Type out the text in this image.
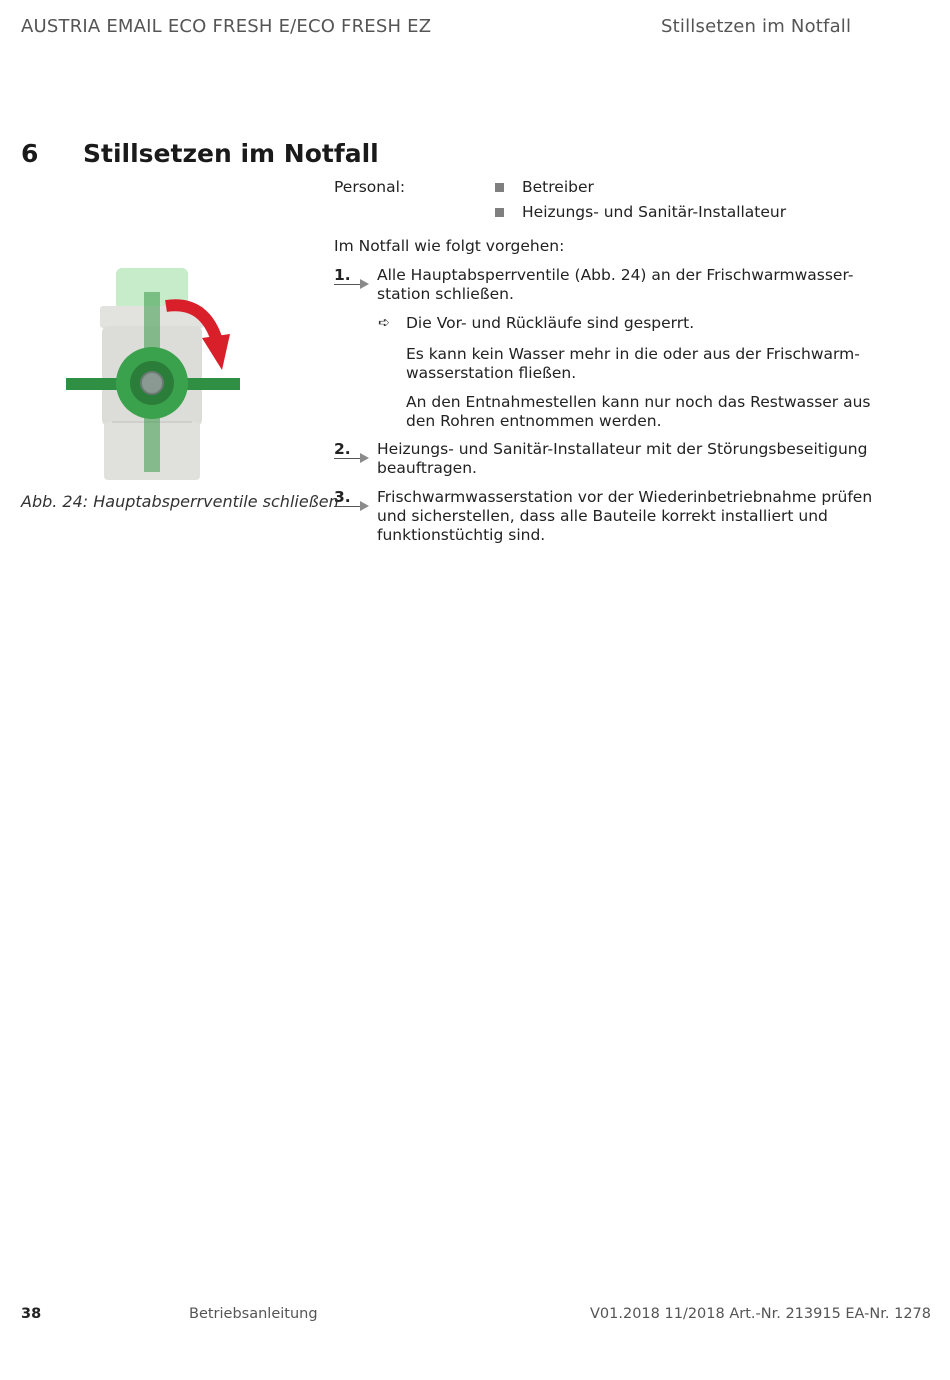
AUSTRIA EMAIL ECO FRESH E/ECO FRESH EZ	Stillsetzen im Notfall
6 Stillsetzen im Notfall
Personal:	Betreiber
Heizungs- und Sanitär-Installateur
Im Notfall wie folgt vorgehen:
1. Alle Hauptabsperrventile (Abb. 24) an der Frischwarmwasser-
station schließen.
➪ Die Vor- und Rückläufe sind gesperrt.
Es kann kein Wasser mehr in die oder aus der Frischwarm-
wasserstation fließen.
An den Entnahmestellen kann nur noch das Restwasser aus
den Rohren entnommen werden.
2. Heizungs- und Sanitär-Installateur mit der Störungsbeseitigung
beauftragen.
3. Frischwarmwasserstation vor der Wiederinbetriebnahme prüfen
und sicherstellen, dass alle Bauteile korrekt installiert und
funktionstüchtig sind.
Abb. 24: Hauptabsperrventile schließen
38	Betriebsanleitung	V01.2018 11/2018 Art.-Nr. 213915 EA-Nr. 1278
